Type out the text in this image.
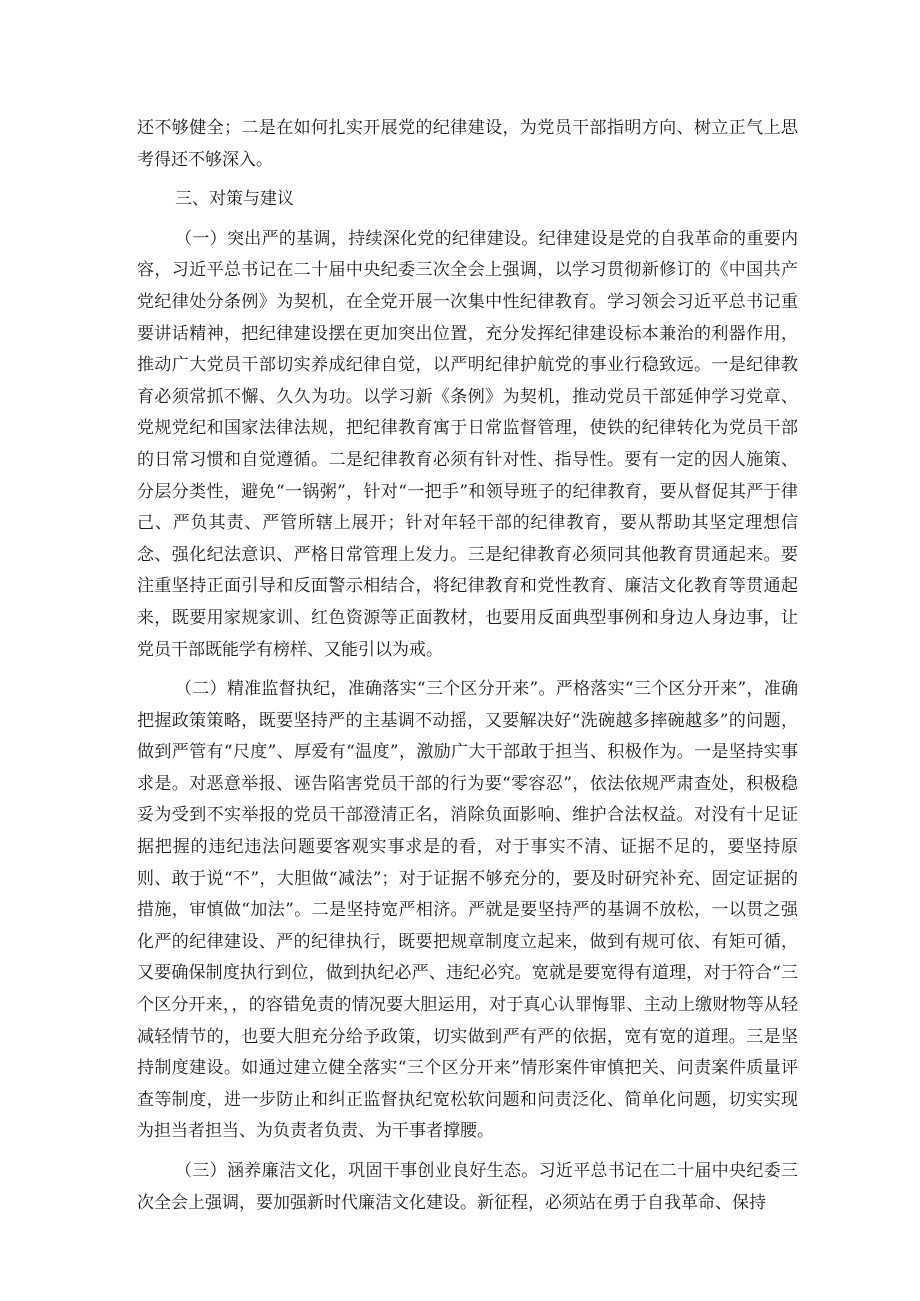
还不够健全；二是在如何扎实开展党的纪律建设，为党员干部指明方向、树立正气上思考得还不够深入。

三、对策与建议

（一）突出严的基调，持续深化党的纪律建设。纪律建设是党的自我革命的重要内容，习近平总书记在二十届中央纪委三次全会上强调，以学习贯彻新修订的《中国共产党纪律处分条例》为契机，在全党开展一次集中性纪律教育。学习领会习近平总书记重要讲话精神，把纪律建设摆在更加突出位置，充分发挥纪律建设标本兼治的利器作用，推动广大党员干部切实养成纪律自觉，以严明纪律护航党的事业行稳致远。一是纪律教育必须常抓不懈、久久为功。以学习新《条例》为契机，推动党员干部延伸学习党章、党规党纪和国家法律法规，把纪律教育寓于日常监督管理，使铁的纪律转化为党员干部的日常习惯和自觉遵循。二是纪律教育必须有针对性、指导性。要有一定的因人施策、分层分类性，避免“一锅粥”，针对“一把手”和领导班子的纪律教育，要从督促其严于律己、严负其责、严管所辖上展开；针对年轻干部的纪律教育，要从帮助其坚定理想信念、强化纪法意识、严格日常管理上发力。三是纪律教育必须同其他教育贯通起来。要注重坚持正面引导和反面警示相结合，将纪律教育和党性教育、廉洁文化教育等贯通起来，既要用家规家训、红色资源等正面教材，也要用反面典型事例和身边人身边事，让党员干部既能学有榜样、又能引以为戒。

（二）精准监督执纪，准确落实“三个区分开来”。严格落实“三个区分开来”，准确把握政策策略，既要坚持严的主基调不动摇，又要解决好“洗碗越多摔碗越多”的问题，做到严管有“尺度”、厚爱有“温度”，激励广大干部敢于担当、积极作为。一是坚持实事求是。对恶意举报、诬告陷害党员干部的行为要“零容忍”，依法依规严肃查处，积极稳妥为受到不实举报的党员干部澄清正名，消除负面影响、维护合法权益。对没有十足证据把握的违纪违法问题要客观实事求是的看，对于事实不清、证据不足的，要坚持原则、敢于说“不”，大胆做“减法”；对于证据不够充分的，要及时研究补充、固定证据的措施，审慎做“加法”。二是坚持宽严相济。严就是要坚持严的基调不放松，一以贯之强化严的纪律建设、严的纪律执行，既要把规章制度立起来，做到有规可依、有矩可循，又要确保制度执行到位，做到执纪必严、违纪必究。宽就是要宽得有道理，对于符合“三个区分开来，，的容错免责的情况要大胆运用，对于真心认罪悔罪、主动上缴财物等从轻减轻情节的，也要大胆充分给予政策，切实做到严有严的依据，宽有宽的道理。三是坚持制度建设。如通过建立健全落实“三个区分开来”情形案件审慎把关、问责案件质量评查等制度，进一步防止和纠正监督执纪宽松软问题和问责泛化、简单化问题，切实实现为担当者担当、为负责者负责、为干事者撑腰。

（三）涵养廉洁文化，巩固干事创业良好生态。习近平总书记在二十届中央纪委三次全会上强调，要加强新时代廉洁文化建设。新征程，必须站在勇于自我革命、保持
